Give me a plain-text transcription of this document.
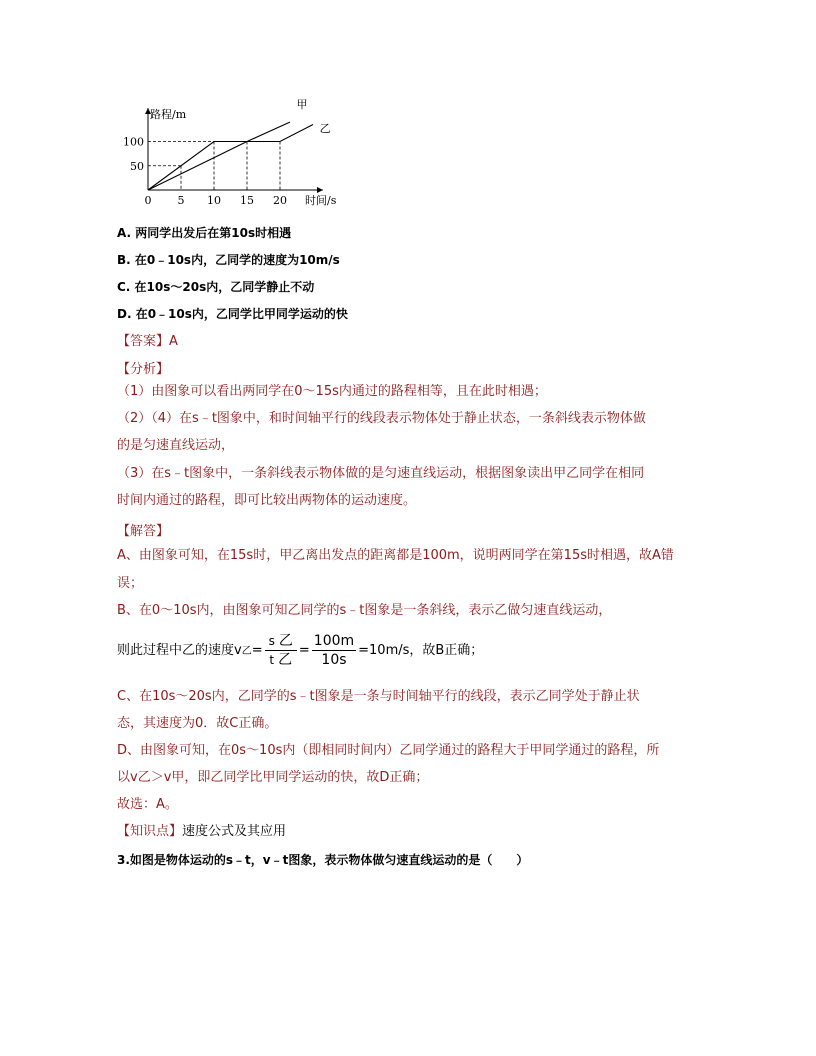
甲
乙
0 5 10 15 20
50
100
路程/m
时间/s
A. 两同学出发后在第10s时相遇
B. 在0﹣10s内，乙同学的速度为10m/s
C. 在10s～20s内，乙同学静止不动
D. 在0﹣10s内，乙同学比甲同学运动的快
【答案】A
【分析】
（1）由图象可以看出两同学在0～15s内通过的路程相等，且在此时相遇；
（2）（4）在s﹣t图象中，和时间轴平行的线段表示物体处于静止状态，一条斜线表示物体做
的是匀速直线运动，
（3）在s﹣t图象中，一条斜线表示物体做的是匀速直线运动，根据图象读出甲乙同学在相同
时间内通过的路程，即可比较出两物体的运动速度。
【解答】
A、由图象可知，在15s时，甲乙离出发点的距离都是100m，说明两同学在第15s时相遇，故A错
误；
B、在0～10s内，由图象可知乙同学的s﹣t图象是一条斜线，表示乙做匀速直线运动，
则此过程中乙的速度v乙= $\frac{\text{s 乙}}{\text{t 乙}} = \frac{100m}{10s} =10m/s$，故B正确；
C、在10s～20s内，乙同学的s﹣t图象是一条与时间轴平行的线段，表示乙同学处于静止状
态，其速度为0．故C正确。
D、由图象可知，在0s～10s内（即相同时间内）乙同学通过的路程大于甲同学通过的路程，所
以v乙＞v甲，即乙同学比甲同学运动的快，故D正确；
故选：A。
【知识点】速度公式及其应用
3.如图是物体运动的s﹣t，v﹣t图象，表示物体做匀速直线运动的是（　　）
